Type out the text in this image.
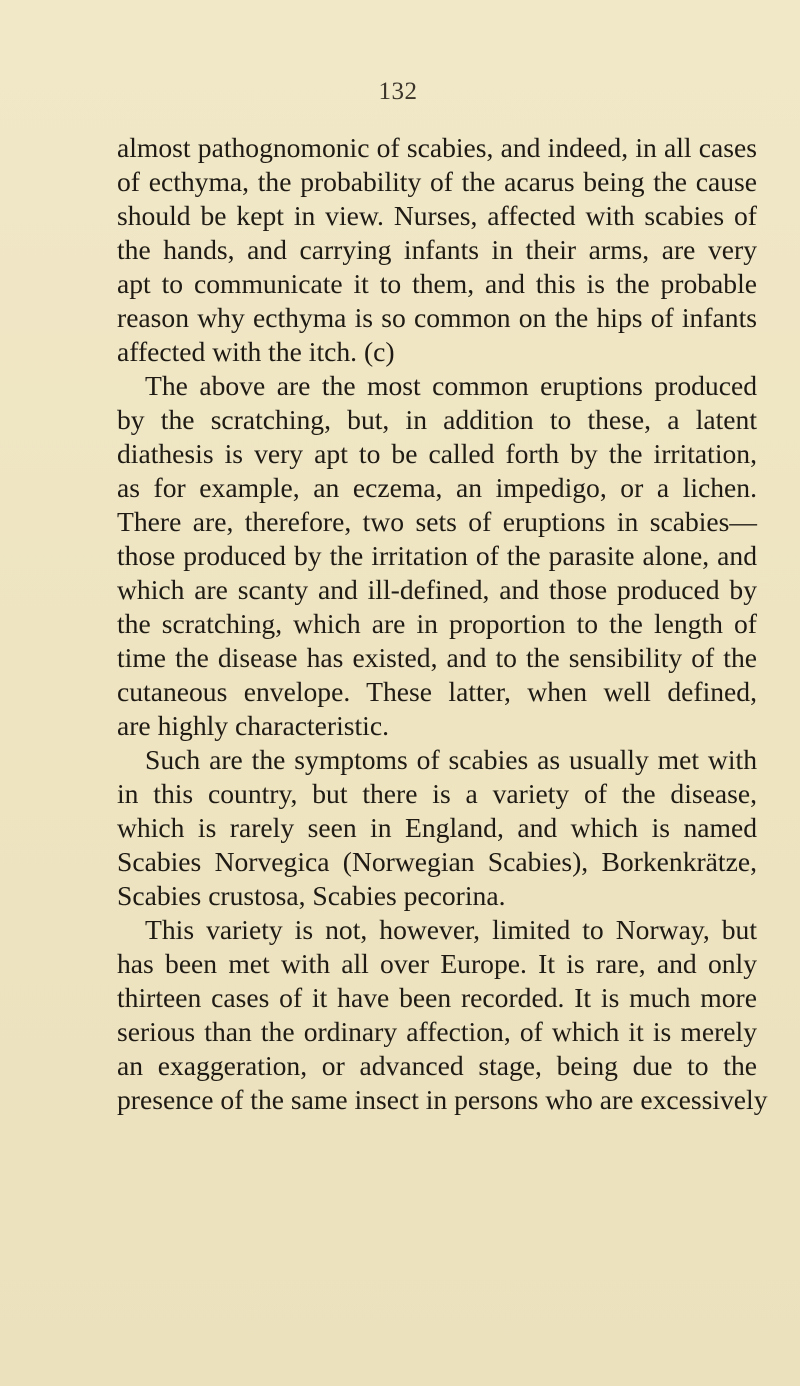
132
almost pathognomonic of scabies, and indeed, in all cases
of ecthyma, the probability of the acarus being the cause
should be kept in view. Nurses, affected with scabies of
the hands, and carrying infants in their arms, are very
apt to communicate it to them, and this is the probable
reason why ecthyma is so common on the hips of infants
affected with the itch. (c)
The above are the most common eruptions produced
by the scratching, but, in addition to these, a latent
diathesis is very apt to be called forth by the irritation,
as for example, an eczema, an impedigo, or a lichen.
There are, therefore, two sets of eruptions in scabies—
those produced by the irritation of the parasite alone, and
which are scanty and ill-defined, and those produced by
the scratching, which are in proportion to the length of
time the disease has existed, and to the sensibility of the
cutaneous envelope. These latter, when well defined,
are highly characteristic.
Such are the symptoms of scabies as usually met with
in this country, but there is a variety of the disease,
which is rarely seen in England, and which is named
Scabies Norvegica (Norwegian Scabies), Borkenkrätze,
Scabies crustosa, Scabies pecorina.
This variety is not, however, limited to Norway, but
has been met with all over Europe. It is rare, and only
thirteen cases of it have been recorded. It is much more
serious than the ordinary affection, of which it is merely
an exaggeration, or advanced stage, being due to the
presence of the same insect in persons who are excessively
